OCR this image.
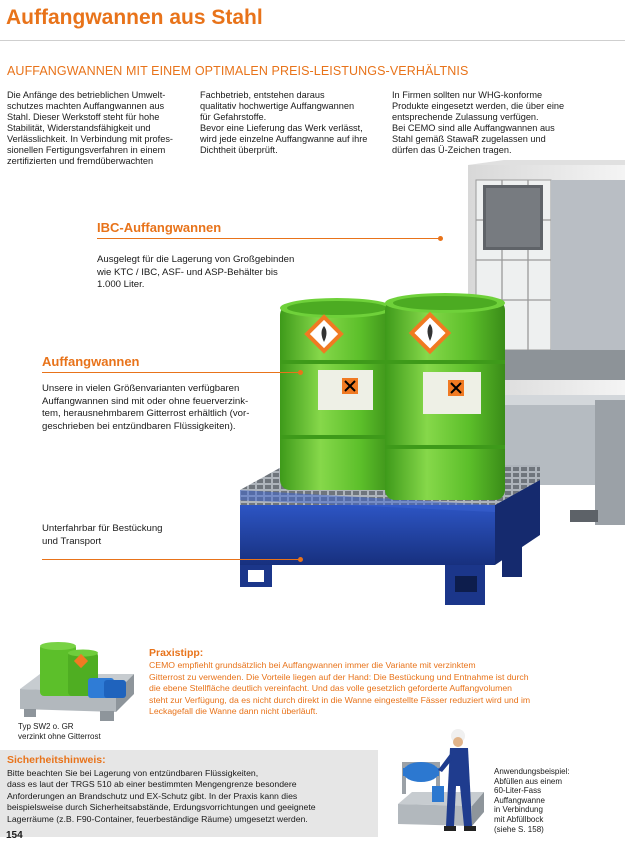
Auffangwannen aus Stahl
AUFFANGWANNEN MIT EINEM OPTIMALEN PREIS-LEISTUNGS-VERHÄLTNIS

Die Anfänge des betrieblichen Umwelt-

schutzes machten Auffangwannen aus

Stahl. Dieser Werkstoff steht für hohe

Stabilität, Widerstandsfähigkeit und

Verlässlichkeit. In Verbindung mit profes-

sionellen Fertigungsverfahren in einem

zertifizierten und fremdüberwachten

Fachbetrieb, entstehen daraus

qualitativ hochwertige Auffangwannen

für Gefahrstoffe.

Bevor eine Lieferung das Werk verlässt,

wird jede einzelne Auffangwanne auf ihre

Dichtheit überprüft.

In Firmen sollten nur WHG-konforme

Produkte eingesetzt werden, die über eine

entsprechende Zulassung verfügen.

Bei CEMO sind alle Auffangwannen aus

Stahl gemäß StawaR zugelassen und

dürfen das Ü-Zeichen tragen.

IBC-Auffangwannen

Ausgelegt für die Lagerung von Großgebinden

wie KTC / IBC, ASF- und ASP-Behälter bis

1.000 Liter.

Auffangwannen

Unsere in vielen Größenvarianten verfügbaren

Auffangwannen sind mit oder ohne feuerverzink-

tem, herausnehmbarem Gitterrost erhältlich (vor-

geschrieben bei entzündbaren Flüssigkeiten).

Unterfahrbar für Bestückung

und Transport

Typ SW2 o. GR

verzinkt ohne Gitterrost

Praxistipp:

CEMO empfiehlt grundsätzlich bei Auffangwannen immer die Variante mit verzinktem

Gitterrost zu verwenden. Die Vorteile liegen auf der Hand: Die Bestückung und Entnahme ist durch

die ebene Stellfläche deutlich vereinfacht. Und das volle gesetzlich geforderte Auffangvolumen

steht zur Verfügung, da es nicht durch direkt in die Wanne eingestellte Fässer reduziert wird und im

Leckagefall die Wanne dann nicht überläuft.

Sicherheitshinweis:

Bitte beachten Sie bei Lagerung von entzündbaren Flüssigkeiten,

dass es laut der TRGS 510 ab einer bestimmten Mengengrenze besondere

Anforderungen an Brandschutz und EX-Schutz gibt. In der Praxis kann dies

beispielsweise durch Sicherheitsabstände, Erdungsvorrichtungen und geeignete

Lagerräume (z.B. F90-Container, feuerbeständige Räume) umgesetzt werden.

Anwendungsbeispiel:

Abfüllen aus einem

60-Liter-Fass

Auffangwanne

in Verbindung

mit Abfüllbock

(siehe S. 158)

154
